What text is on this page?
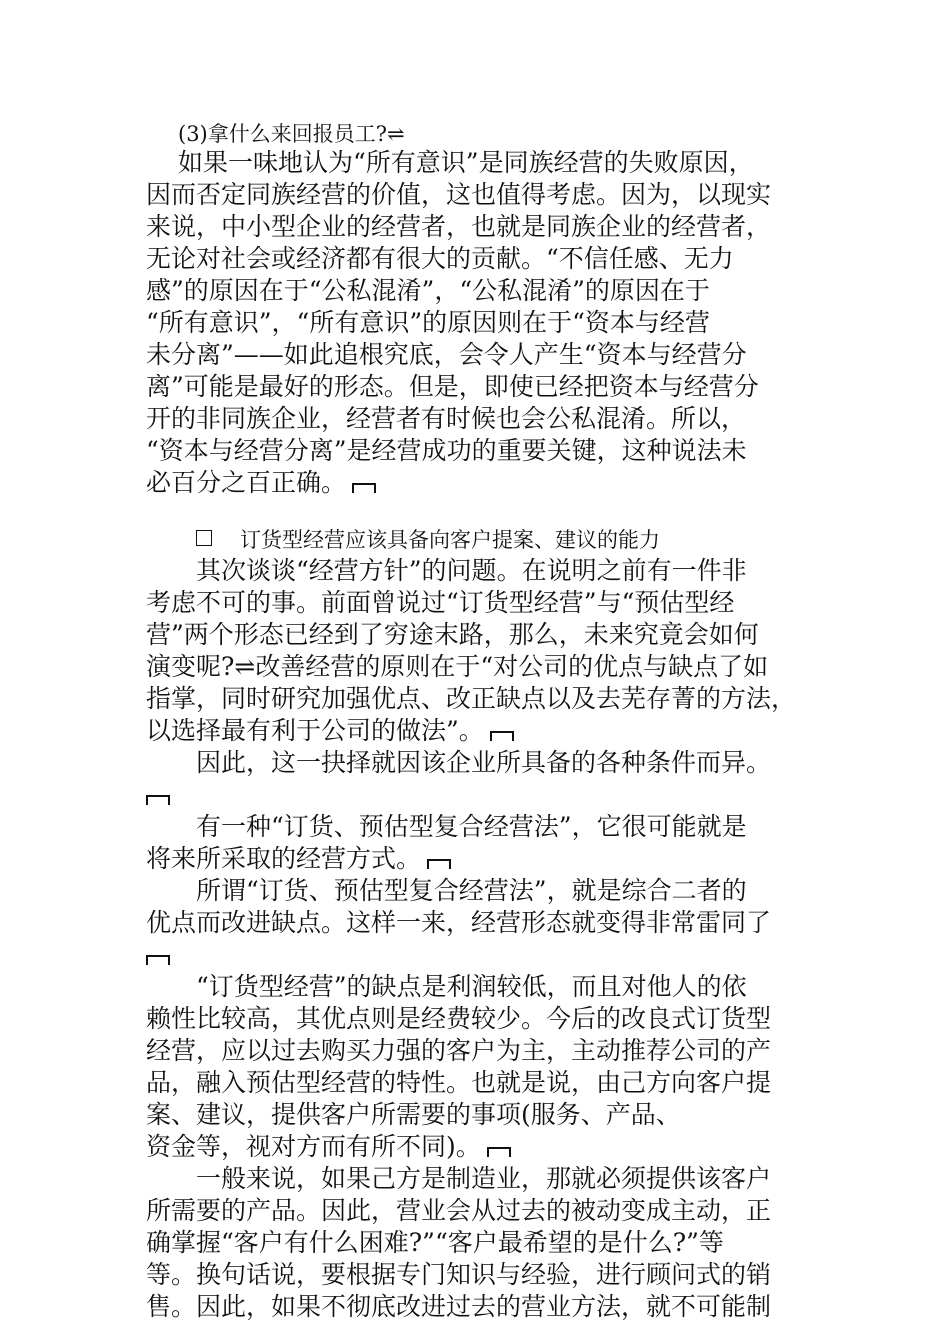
(3)拿什么来回报员工?⇌
如果一味地认为“所有意识”是同族经营的失败原因，
因而否定同族经营的价值，这也值得考虑。因为，以现实
来说，中小型企业的经营者，也就是同族企业的经营者，
无论对社会或经济都有很大的贡献。“不信任感、无力
感”的原因在于“公私混淆”，“公私混淆”的原因在于
“所有意识”，“所有意识”的原因则在于“资本与经营
未分离”——如此追根究底，会令人产生“资本与经营分
离”可能是最好的形态。但是，即使已经把资本与经营分
开的非同族企业，经营者有时候也会公私混淆。所以，
“资本与经营分离”是经营成功的重要关键，这种说法未
必百分之百正确。
订货型经营应该具备向客户提案、建议的能力
其次谈谈“经营方针”的问题。在说明之前有一件非
考虑不可的事。前面曾说过“订货型经营”与“预估型经
营”两个形态已经到了穷途末路，那么，未来究竟会如何
演变呢?⇌改善经营的原则在于“对公司的优点与缺点了如
指掌，同时研究加强优点、改正缺点以及去芜存菁的方法，
以选择最有利于公司的做法”。
因此，这一抉择就因该企业所具备的各种条件而异。
有一种“订货、预估型复合经营法”，它很可能就是
将来所采取的经营方式。
所谓“订货、预估型复合经营法”，就是综合二者的
优点而改进缺点。这样一来，经营形态就变得非常雷同了
“订货型经营”的缺点是利润较低，而且对他人的依
赖性比较高，其优点则是经费较少。今后的改良式订货型
经营，应以过去购买力强的客户为主，主动推荐公司的产
品，融入预估型经营的特性。也就是说，由己方向客户提
案、建议，提供客户所需要的事项(服务、产品、
资金等，视对方而有所不同)。
一般来说，如果己方是制造业，那就必须提供该客户
所需要的产品。因此，营业会从过去的被动变成主动，正
确掌握“客户有什么困难?”“客户最希望的是什么?”等
等。换句话说，要根据专门知识与经验，进行顾问式的销
售。因此，如果不彻底改进过去的营业方法，就不可能制
